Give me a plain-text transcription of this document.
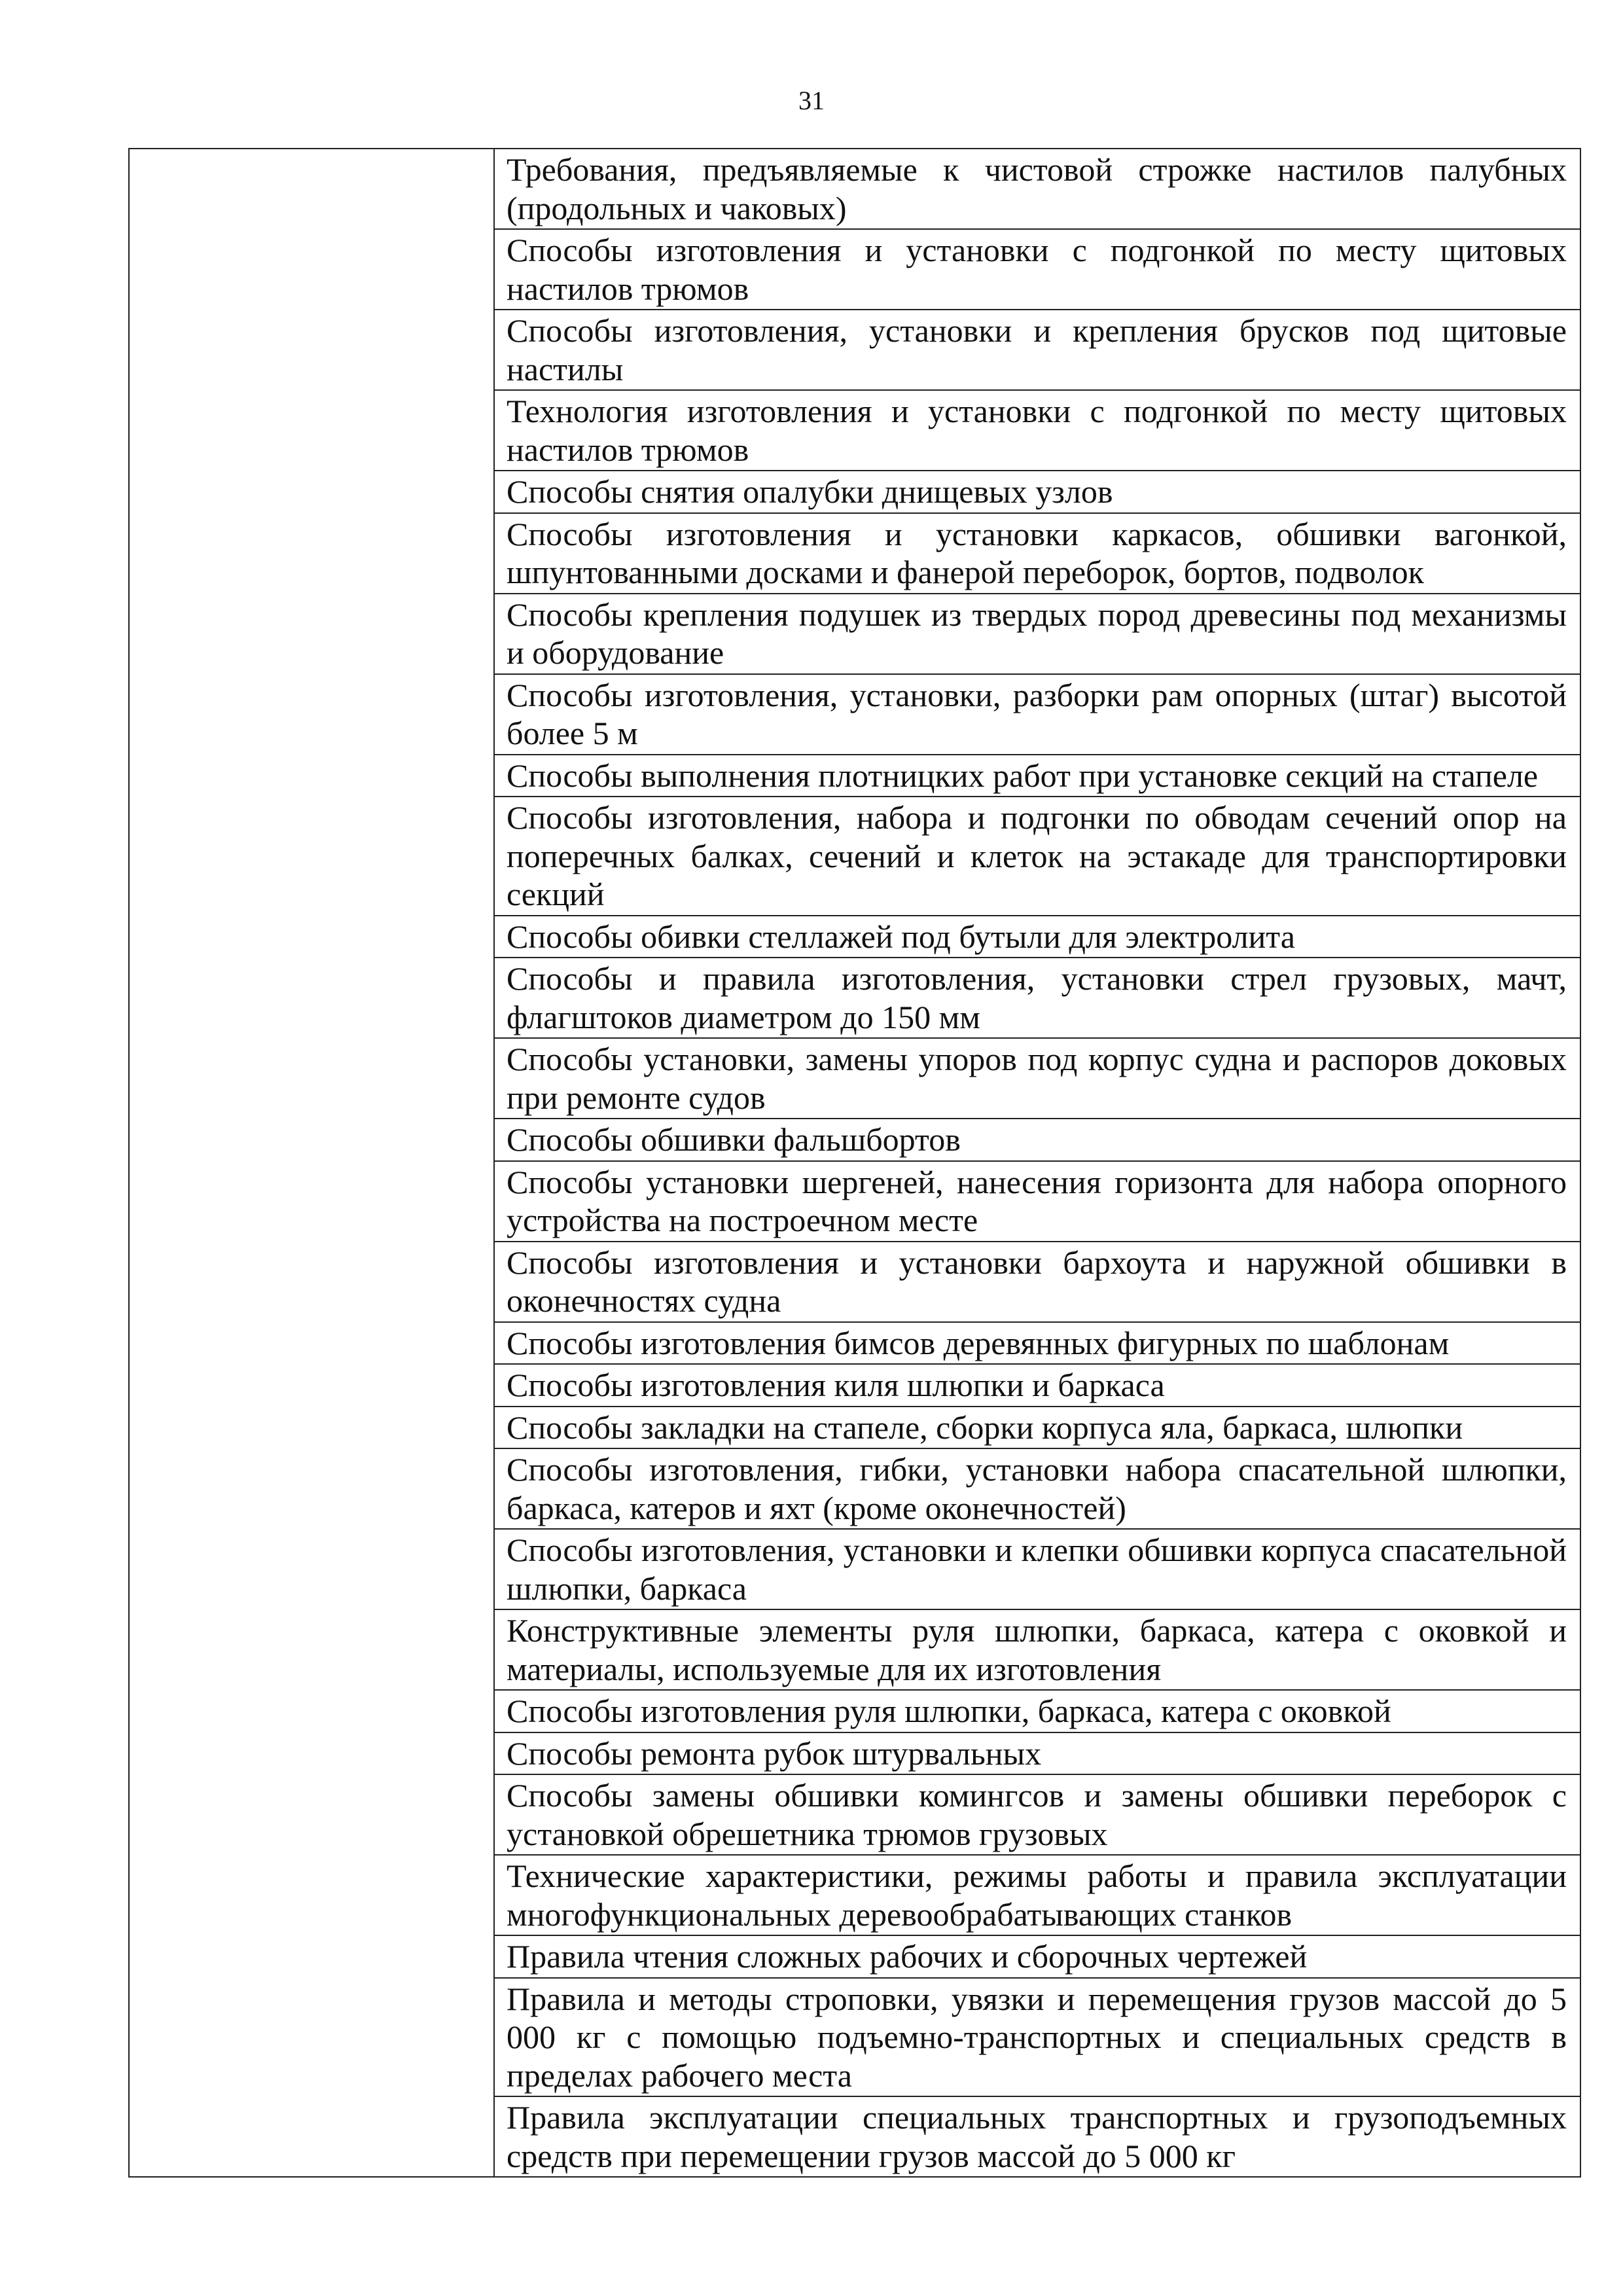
31
	Требования, предъявляемые к чистовой строжке настилов палубных (продольных и чаковых)
Способы изготовления и установки с подгонкой по месту щитовых настилов трюмов
Способы изготовления, установки и крепления брусков под щитовые настилы
Технология изготовления и установки с подгонкой по месту щитовых настилов трюмов
Способы снятия опалубки днищевых узлов
Способы изготовления и установки каркасов, обшивки вагонкой, шпунтованными досками и фанерой переборок, бортов, подволок
Способы крепления подушек из твердых пород древесины под механизмы и оборудование
Способы изготовления, установки, разборки рам опорных (штаг) высотой более 5 м
Способы выполнения плотницких работ при установке секций на стапеле
Способы изготовления, набора и подгонки по обводам сечений опор на поперечных балках, сечений и клеток на эстакаде для транспортировки секций
Способы обивки стеллажей под бутыли для электролита
Способы и правила изготовления, установки стрел грузовых, мачт, флагштоков диаметром до 150 мм
Способы установки, замены упоров под корпус судна и распоров доковых при ремонте судов
Способы обшивки фальшбортов
Способы установки шергеней, нанесения горизонта для набора опорного устройства на построечном месте
Способы изготовления и установки бархоута и наружной обшивки в оконечностях судна
Способы изготовления бимсов деревянных фигурных по шаблонам
Способы изготовления киля шлюпки и баркаса
Способы закладки на стапеле, сборки корпуса яла, баркаса, шлюпки
Способы изготовления, гибки, установки набора спасательной шлюпки, баркаса, катеров и яхт (кроме оконечностей)
Способы изготовления, установки и клепки обшивки корпуса спасательной шлюпки, баркаса
Конструктивные элементы руля шлюпки, баркаса, катера с оковкой и материалы, используемые для их изготовления
Способы изготовления руля шлюпки, баркаса, катера с оковкой
Способы ремонта рубок штурвальных
Способы замены обшивки комингсов и замены обшивки переборок с установкой обрешетника трюмов грузовых
Технические характеристики, режимы работы и правила эксплуатации многофункциональных деревообрабатывающих станков
Правила чтения сложных рабочих и сборочных чертежей
Правила и методы строповки, увязки и перемещения грузов массой до 5 000 кг с помощью подъемно-транспортных и специальных средств в пределах рабочего места
Правила эксплуатации специальных транспортных и грузоподъемных средств при перемещении грузов массой до 5 000 кг
